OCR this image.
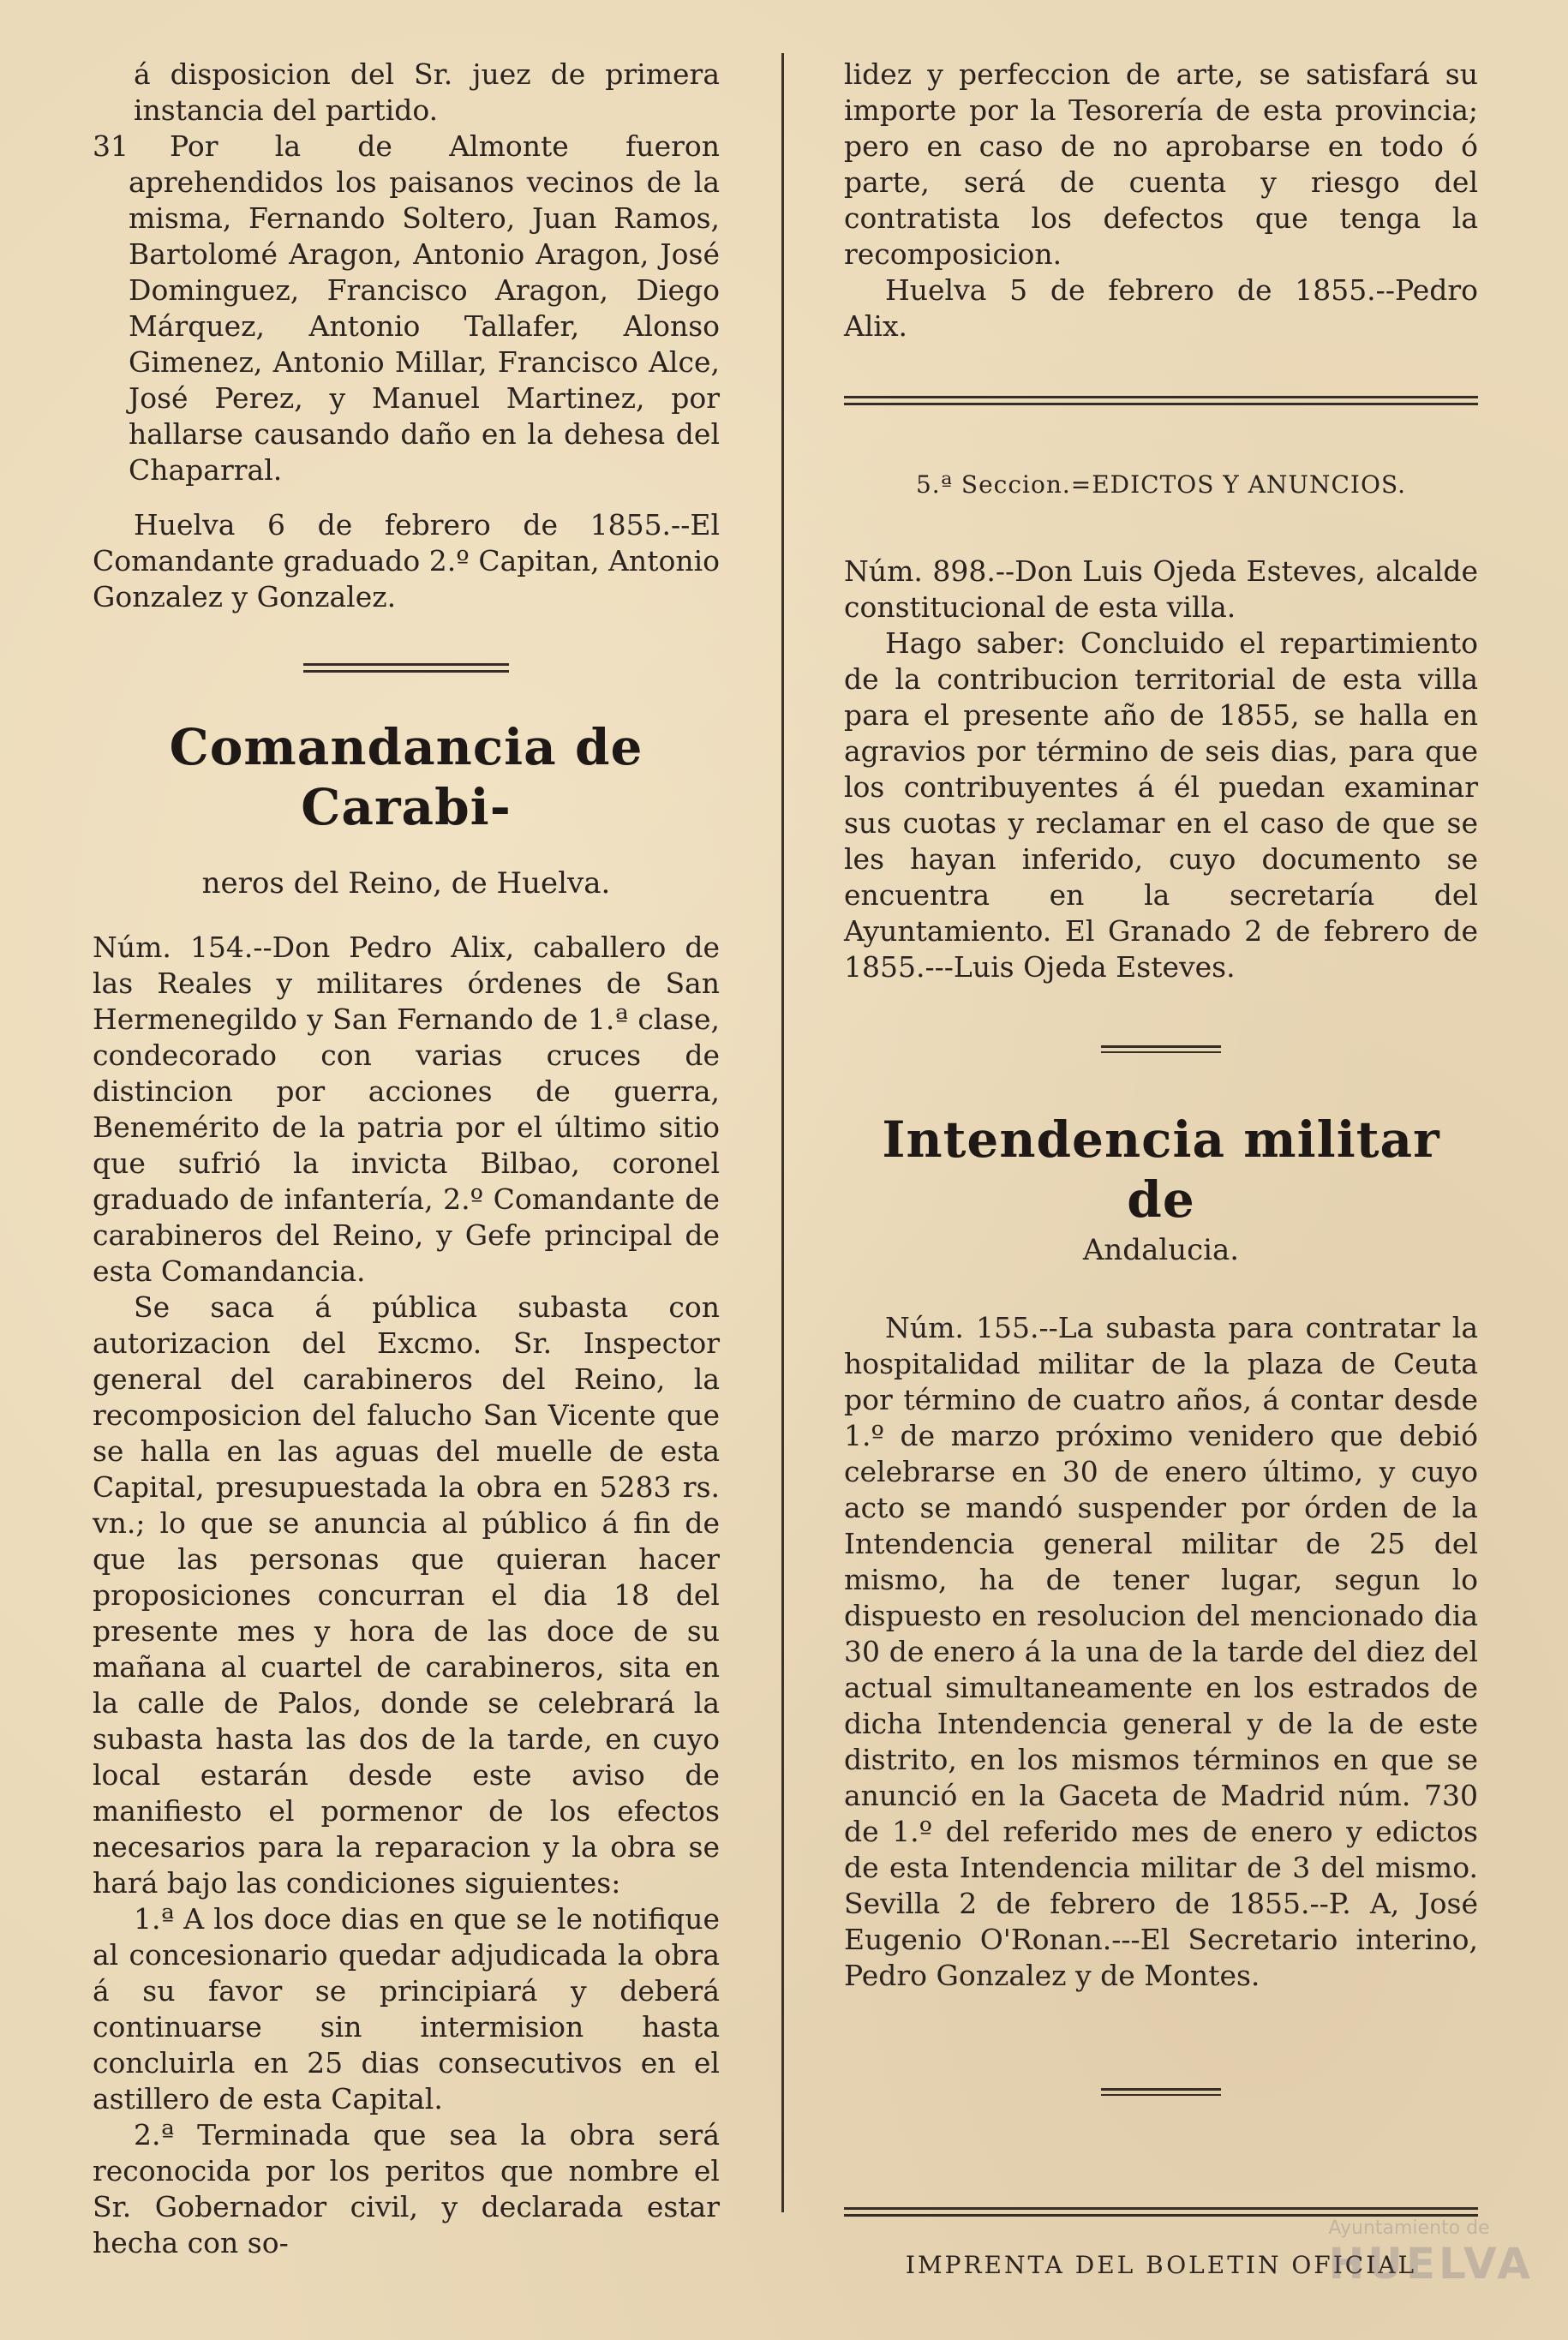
á disposicion del Sr. juez de primera instancia del partido.

31	Por la de Almonte fueron aprehendidos los paisanos vecinos de la misma, Fernando Soltero, Juan Ramos, Bartolomé Aragon, Antonio Aragon, José Dominguez, Francisco Aragon, Diego Márquez, Antonio Tallafer, Alonso Gimenez, Antonio Millar, Francisco Alce, José Perez, y Manuel Martinez, por hallarse causando daño en la dehesa del Chaparral.

Huelva 6 de febrero de 1855.--El Comandante graduado 2.º Capitan, Antonio Gonzalez y Gonzalez.

Comandancia de Carabi-
neros del Reino, de Huelva.

Núm. 154.--Don Pedro Alix, caballero de las Reales y militares órdenes de San Hermenegildo y San Fernando de 1.ª clase, condecorado con varias cruces de distincion por acciones de guerra, Benemérito de la patria por el último sitio que sufrió la invicta Bilbao, coronel graduado de infantería, 2.º Comandante de carabineros del Reino, y Gefe principal de esta Comandancia.

Se saca á pública subasta con autorizacion del Excmo. Sr. Inspector general del carabineros del Reino, la recomposicion del falucho San Vicente que se halla en las aguas del muelle de esta Capital, presupuestada la obra en 5283 rs. vn.; lo que se anuncia al público á fin de que las personas que quieran hacer proposiciones concurran el dia 18 del presente mes y hora de las doce de su mañana al cuartel de carabineros, sita en la calle de Palos, donde se celebrará la subasta hasta las dos de la tarde, en cuyo local estarán desde este aviso de manifiesto el pormenor de los efectos necesarios para la reparacion y la obra se hará bajo las condiciones siguientes:

1.ª A los doce dias en que se le notifique al concesionario quedar adjudicada la obra á su favor se principiará y deberá continuarse sin intermision hasta concluirla en 25 dias consecutivos en el astillero de esta Capital.

2.ª Terminada que sea la obra será reconocida por los peritos que nombre el Sr. Gobernador civil, y declarada estar hecha con so-

lidez y perfeccion de arte, se satisfará su importe por la Tesorería de esta provincia; pero en caso de no aprobarse en todo ó parte, será de cuenta y riesgo del contratista los defectos que tenga la recomposicion.

Huelva 5 de febrero de 1855.--Pedro Alix.

5.ª Seccion.=EDICTOS Y ANUNCIOS.

Núm. 898.--Don Luis Ojeda Esteves, alcalde constitucional de esta villa.

Hago saber: Concluido el repartimiento de la contribucion territorial de esta villa para el presente año de 1855, se halla en agravios por término de seis dias, para que los contribuyentes á él puedan examinar sus cuotas y reclamar en el caso de que se les hayan inferido, cuyo documento se encuentra en la secretaría del Ayuntamiento. El Granado 2 de febrero de 1855.---Luis Ojeda Esteves.

Intendencia militar de
Andalucia.

Núm. 155.--La subasta para contratar la hospitalidad militar de la plaza de Ceuta por término de cuatro años, á contar desde 1.º de marzo próximo venidero que debió celebrarse en 30 de enero último, y cuyo acto se mandó suspender por órden de la Intendencia general militar de 25 del mismo, ha de tener lugar, segun lo dispuesto en resolucion del mencionado dia 30 de enero á la una de la tarde del diez del actual simultaneamente en los estrados de dicha Intendencia general y de la de este distrito, en los mismos términos en que se anunció en la Gaceta de Madrid núm. 730 de 1.º del referido mes de enero y edictos de esta Intendencia militar de 3 del mismo. Sevilla 2 de febrero de 1855.--P. A, José Eugenio O'Ronan.---El Secretario interino, Pedro Gonzalez y de Montes.

IMPRENTA DEL BOLETIN OFICIAL
Ayuntamiento de
HUELVA
